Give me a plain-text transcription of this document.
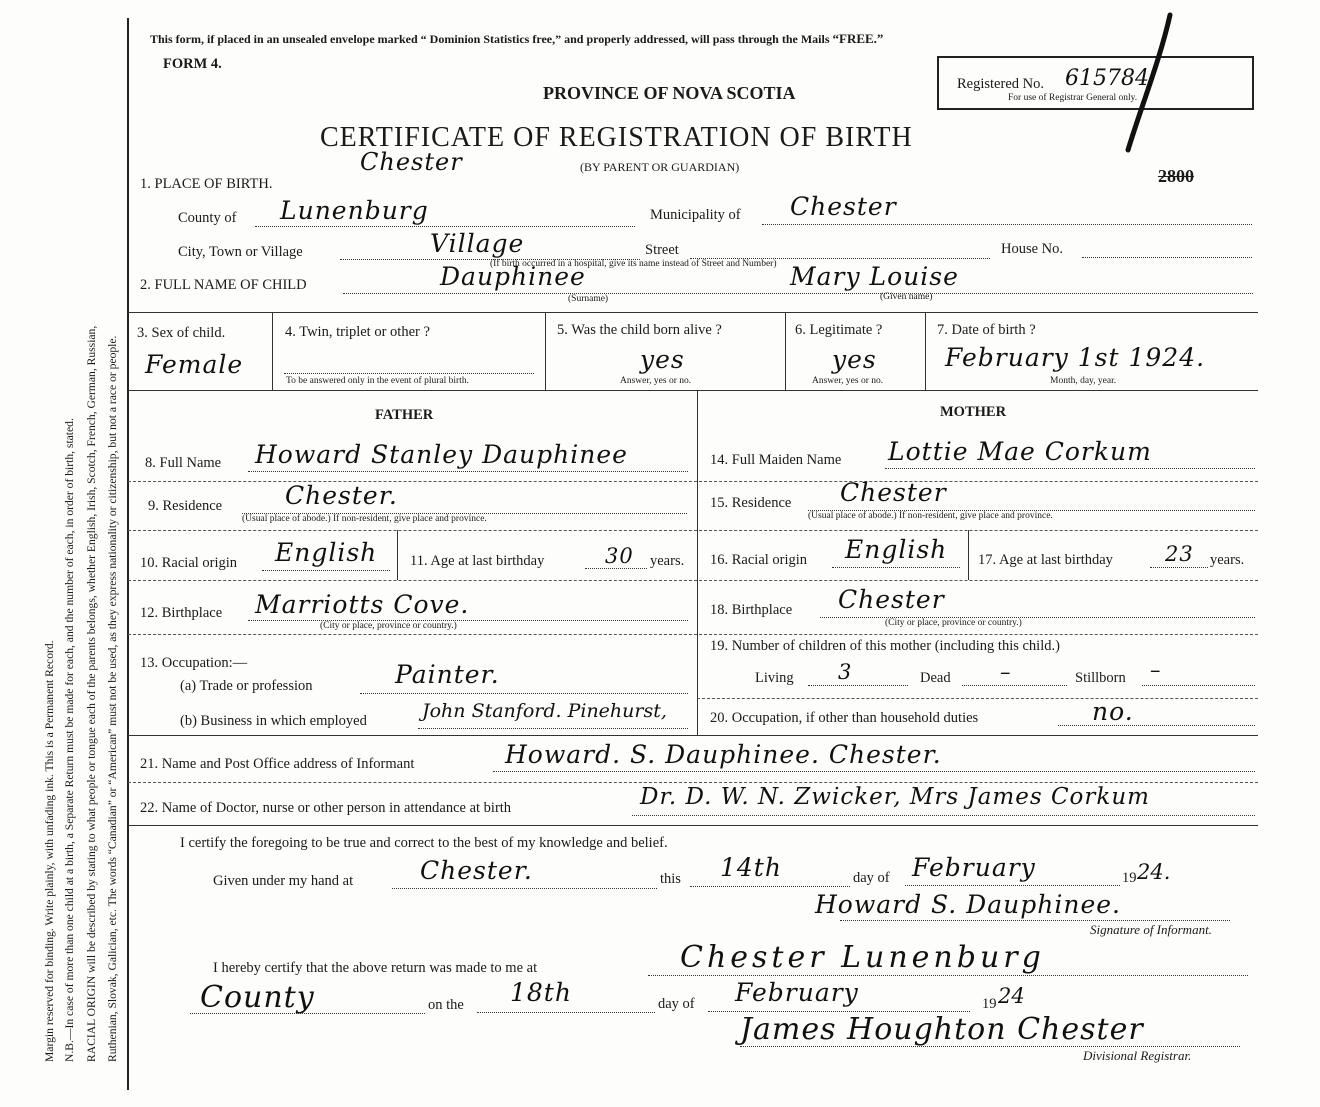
Margin reserved for binding. Write plainly, with unfading ink. This is a Permanent Record. N.B.—In case of more than one child at a birth, a Separate Return must be made for each, and the number of each, in order of birth, stated. RACIAL ORIGIN will be described by stating to what people or tongue each of the parents belongs, whether English, Irish, Scotch, French, German, Russian, Ruthenian, Slovak, Galician, etc. The words “Canadian” or “American” must not be used, as they express nationality or citizenship, but not a race or people.
This form, if placed in an unsealed envelope marked “ Dominion Statistics free,” and properly addressed, will pass through the Mails “FREE.”
FORM 4.
Registered No. 615784
For use of Registrar General only.
PROVINCE OF NOVA SCOTIA
CERTIFICATE OF REGISTRATION OF BIRTH
Chester	(BY PARENT OR GUARDIAN)	2800
1. PLACE OF BIRTH.
County of Lunenburg	Municipality of Chester
City, Town or Village	Village	Street	House No.
(If birth occurred in a hospital, give its name instead of Street and Number)
2. FULL NAME OF CHILD	Dauphinee
(Surname)
Mary Louise
(Given name)
3. Sex of child.
Female
4. Twin, triplet or other ?
To be answered only in the event of plural birth.
5. Was the child born alive ?
yes
Answer, yes or no.
6. Legitimate ?
yes
Answer, yes or no.
7. Date of birth ?
February 1st 1924.
Month, day, year.
FATHER	MOTHER
8. Full Name Howard Stanley Dauphinee	14. Full Maiden Name Lottie Mae Corkum
9. Residence	Chester.
(Usual place of abode.) If non-resident, give place and province.
15. Residence Chester
(Usual place of abode.) If non-resident, give place and province.
10. Racial origin English 11. Age at last birthday	30 years. 16. Racial origin English 17. Age at last birthday 23 years.
12. Birthplace Marriotts Cove.
(City or place, province or country.)
18. Birthplace Chester
(City or place, province or country.)
13. Occupation:—
(a) Trade or profession	Painter.
(b) Business in which employed	John Stanford. Pinehurst,
19. Number of children of this mother (including this child.)
Living 3	Dead –	Stillborn –
20. Occupation, if other than household duties	no.
21. Name and Post Office address of Informant	Howard. S. Dauphinee. Chester.
22. Name of Doctor, nurse or other person in attendance at birth	Dr. D. W. N. Zwicker, Mrs James Corkum
I certify the foregoing to be true and correct to the best of my knowledge and belief.
Given under my hand at	Chester.	this 14th	day of February	19 24.
Howard S. Dauphinee.
Signature of Informant.
I hereby certify that the above return was made to me at	Chester Lunenburg
County	on the 18th	day of February	19 24
James Houghton Chester
Divisional Registrar.
